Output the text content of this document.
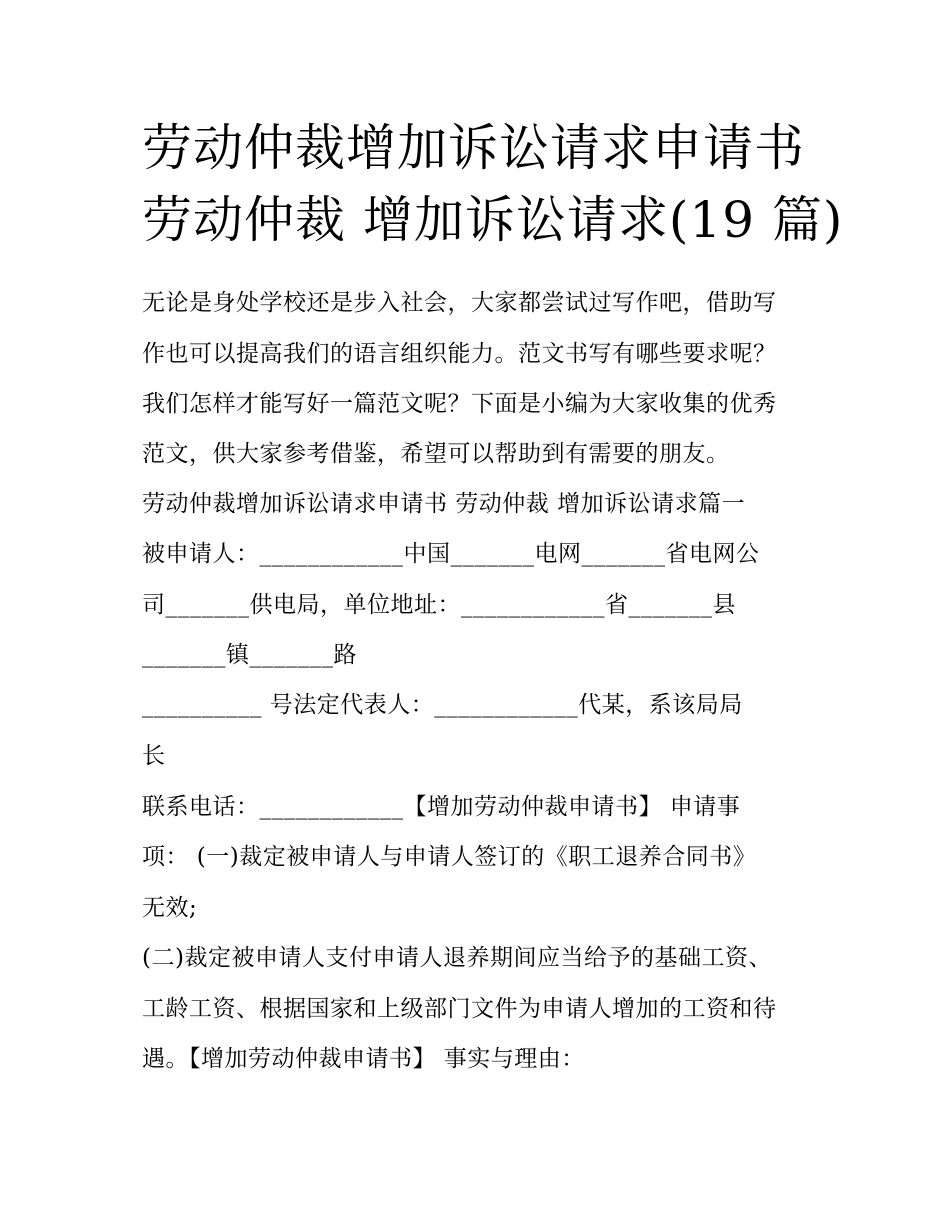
劳动仲裁增加诉讼请求申请书
劳动仲裁 增加诉讼请求(19 篇)
无论是身处学校还是步入社会，大家都尝试过写作吧，借助写
作也可以提高我们的语言组织能力。范文书写有哪些要求呢？
我们怎样才能写好一篇范文呢？下面是小编为大家收集的优秀
范文，供大家参考借鉴，希望可以帮助到有需要的朋友。
劳动仲裁增加诉讼请求申请书 劳动仲裁 增加诉讼请求篇一
被申请人：____________中国_______电网_______省电网公
司_______供电局，单位地址：____________省_______县
_______镇_______路
__________ 号法定代表人：____________代某，系该局局
长
联系电话：____________【增加劳动仲裁申请书】 申请事
项： (一)裁定被申请人与申请人签订的《职工退养合同书》
无效;
(二)裁定被申请人支付申请人退养期间应当给予的基础工资、
工龄工资、根据国家和上级部门文件为申请人增加的工资和待
遇。【增加劳动仲裁申请书】 事实与理由：
